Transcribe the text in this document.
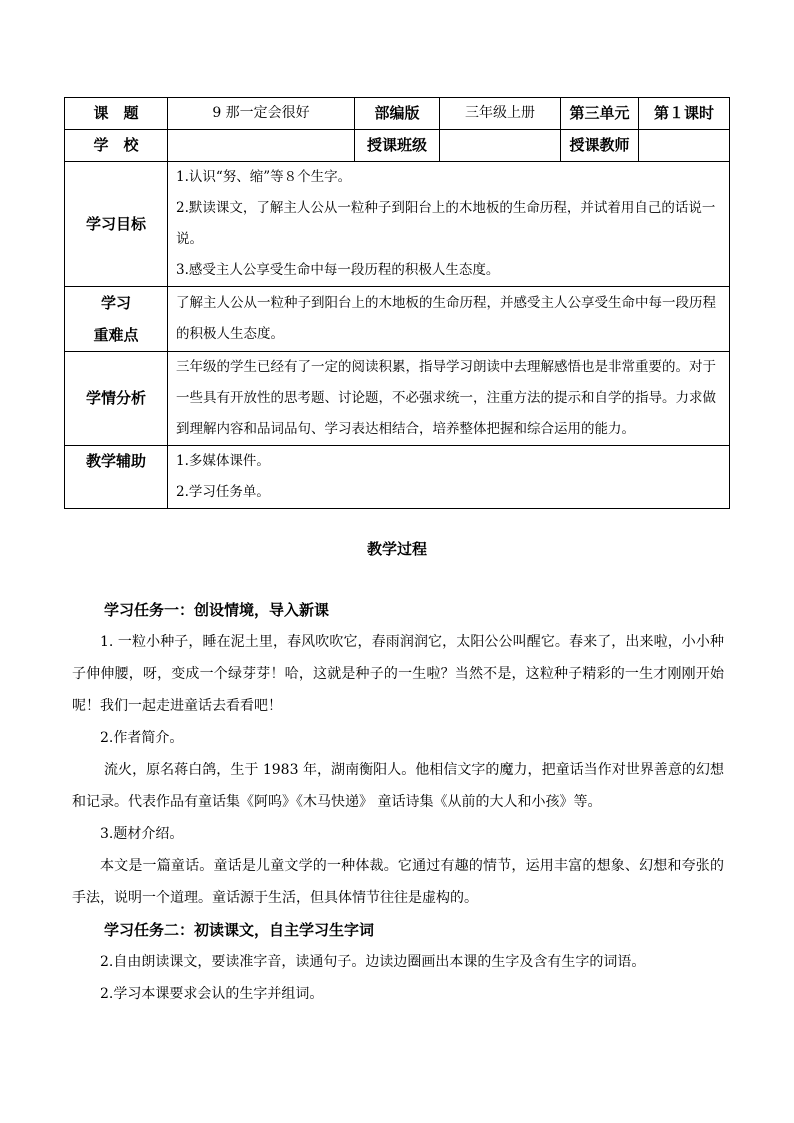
课　题	9 那一定会很好	部编版	三年级上册	第三单元	第１课时
学　校		授课班级		授课教师	
学习目标	1.认识“努、缩”等８个生字。

2.默读课文，了解主人公从一粒种子到阳台上的木地板的生命历程，并试着用自己的话说一说。

3.感受主人公享受生命中每一段历程的积极人生态度。				

学习
重难点	了解主人公从一粒种子到阳台上的木地板的生命历程，并感受主人公享受生命中每一段历程的积极人生态度。				

学情分析	三年级的学生已经有了一定的阅读积累，指导学习朗读中去理解感悟也是非常重要的。对于一些具有开放性的思考题、讨论题，不必强求统一，注重方法的提示和自学的指导。力求做到理解内容和品词品句、学习表达相结合，培养整体把握和综合运用的能力。				

教学辅助	1.多媒体课件。

2.学习任务单。				

教学过程
学习任务一：创设情境，导入新课

1. 一粒小种子，睡在泥土里，春风吹吹它，春雨润润它，太阳公公叫醒它。春来了，出来啦，小小种子伸伸腰，呀，变成一个绿芽芽！哈，这就是种子的一生啦？当然不是，这粒种子精彩的一生才刚刚开始呢！我们一起走进童话去看看吧！

2.作者简介。

流火，原名蒋白鸽，生于 1983 年，湖南衡阳人。他相信文字的魔力，把童话当作对世界善意的幻想和记录。代表作品有童话集《阿呜》《木马快递》 童话诗集《从前的大人和小孩》等。

3.题材介绍。

本文是一篇童话。童话是儿童文学的一种体裁。它通过有趣的情节，运用丰富的想象、幻想和夸张的手法，说明一个道理。童话源于生活，但具体情节往往是虚构的。

学习任务二：初读课文，自主学习生字词

2.自由朗读课文，要读准字音，读通句子。边读边圈画出本课的生字及含有生字的词语。

2.学习本课要求会认的生字并组词。
